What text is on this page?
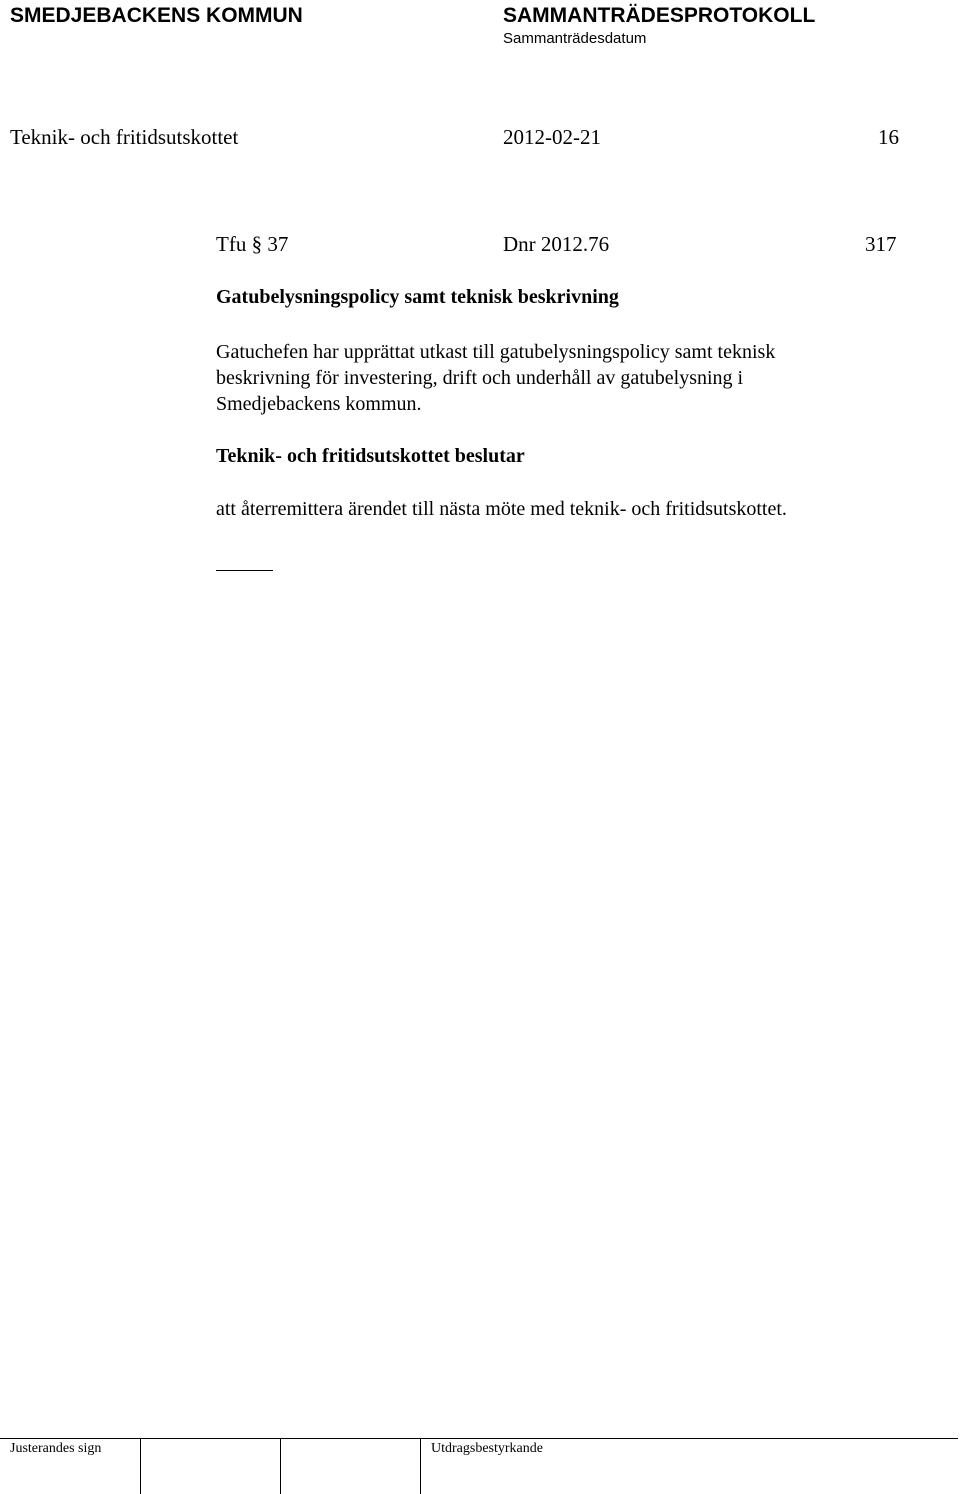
SMEDJEBACKENS KOMMUN	SAMMANTRÄDESPROTOKOLL
Sammanträdesdatum
Teknik- och fritidsutskottet	2012-02-21	16
Tfu § 37	Dnr 2012.76	317
Gatubelysningspolicy samt teknisk beskrivning
Gatuchefen har upprättat utkast till gatubelysningspolicy samt teknisk
beskrivning för investering, drift och underhåll av gatubelysning i
Smedjebackens kommun.
Teknik- och fritidsutskottet beslutar
att återremittera ärendet till nästa möte med teknik- och fritidsutskottet.
Justerandes sign	Utdragsbestyrkande
